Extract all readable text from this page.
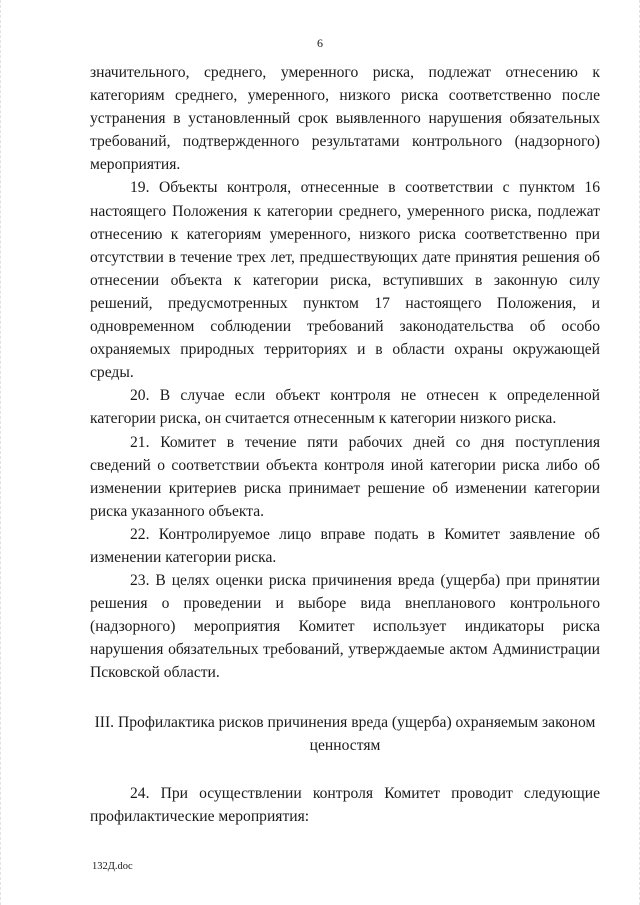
6

значительного, среднего, умеренного риска, подлежат отнесению к категориям среднего, умеренного, низкого риска соответственно после устранения в установленный срок выявленного нарушения обязательных требований, подтвержденного результатами контрольного (надзорного) мероприятия.

19. Объекты контроля, отнесенные в соответствии с пунктом 16 настоящего Положения к категории среднего, умеренного риска, подлежат отнесению к категориям умеренного, низкого риска соответственно при отсутствии в течение трех лет, предшествующих дате принятия решения об отнесении объекта к категории риска, вступивших в законную силу решений, предусмотренных пунктом 17 настоящего Положения, и одновременном соблюдении требований законодательства об особо охраняемых природных территориях и в области охраны окружающей среды.

20. В случае если объект контроля не отнесен к определенной категории риска, он считается отнесенным к категории низкого риска.

21. Комитет в течение пяти рабочих дней со дня поступления сведений о соответствии объекта контроля иной категории риска либо об изменении критериев риска принимает решение об изменении категории риска указанного объекта.

22. Контролируемое лицо вправе подать в Комитет заявление об изменении категории риска.

23. В целях оценки риска причинения вреда (ущерба) при принятии решения о проведении и выборе вида внепланового контрольного (надзорного) мероприятия Комитет использует индикаторы риска нарушения обязательных требований, утверждаемые актом Администрации Псковской области.

III. Профилактика рисков причинения вреда (ущерба) охраняемым законом ценностям

24. При осуществлении контроля Комитет проводит следующие профилактические мероприятия:

132Д.doc
